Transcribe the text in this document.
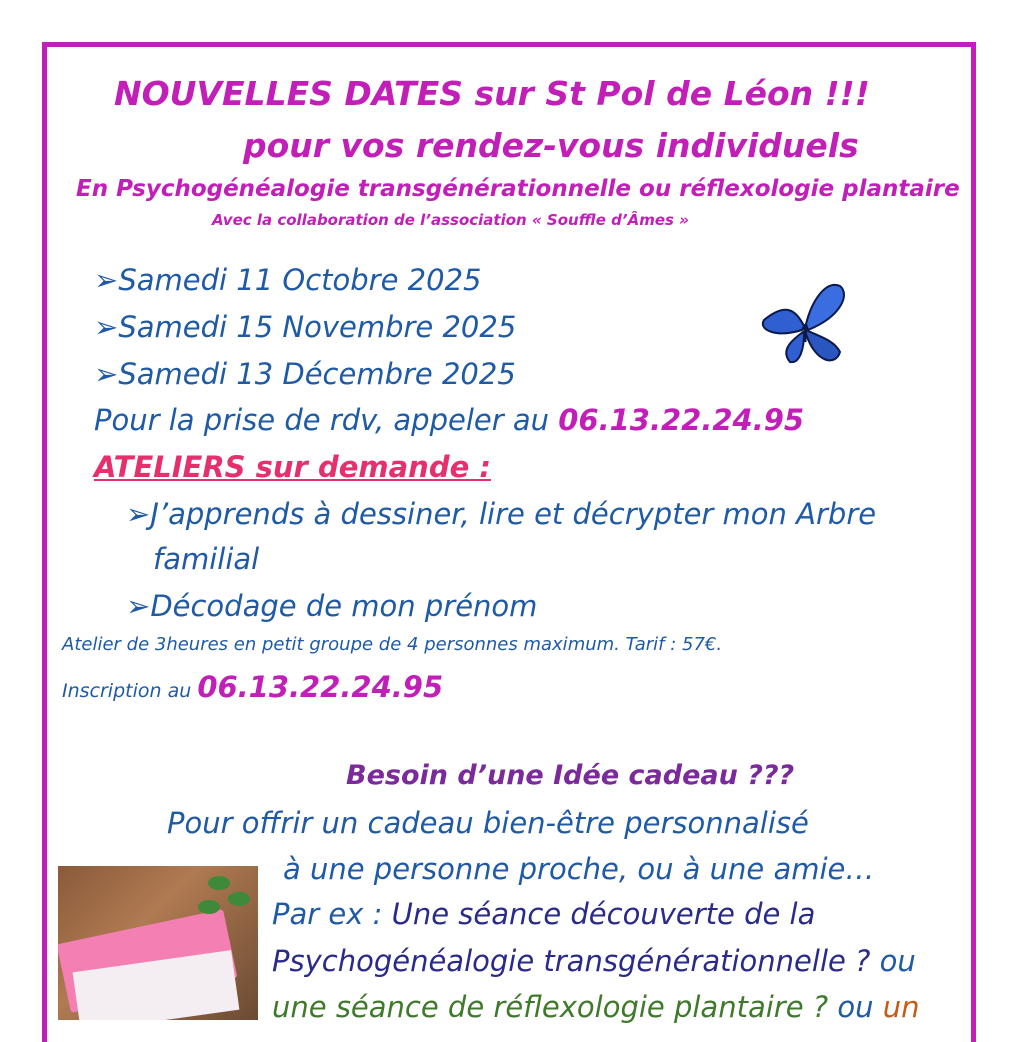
NOUVELLES DATES sur St Pol de Léon !!!
pour vos rendez-vous individuels
En Psychogénéalogie transgénérationnelle ou réflexologie plantaire
Avec la collaboration de l’association « Souffle d’Âmes »
➢Samedi 11 Octobre 2025
➢Samedi 15 Novembre 2025
➢Samedi 13 Décembre 2025
Pour la prise de rdv, appeler au 06.13.22.24.95
ATELIERS sur demande :
➢J’apprends à dessiner, lire et décrypter mon Arbre
familial
➢Décodage de mon prénom
Atelier de 3heures en petit groupe de 4 personnes maximum. Tarif : 57€.
Inscription au 06.13.22.24.95
Besoin d’une Idée cadeau ???
Pour offrir un cadeau bien-être personnalisé
à une personne proche, ou à une amie…
Par ex : Une séance découverte de la
Psychogénéalogie transgénérationnelle ? ou
une séance de réflexologie plantaire ? ou un
